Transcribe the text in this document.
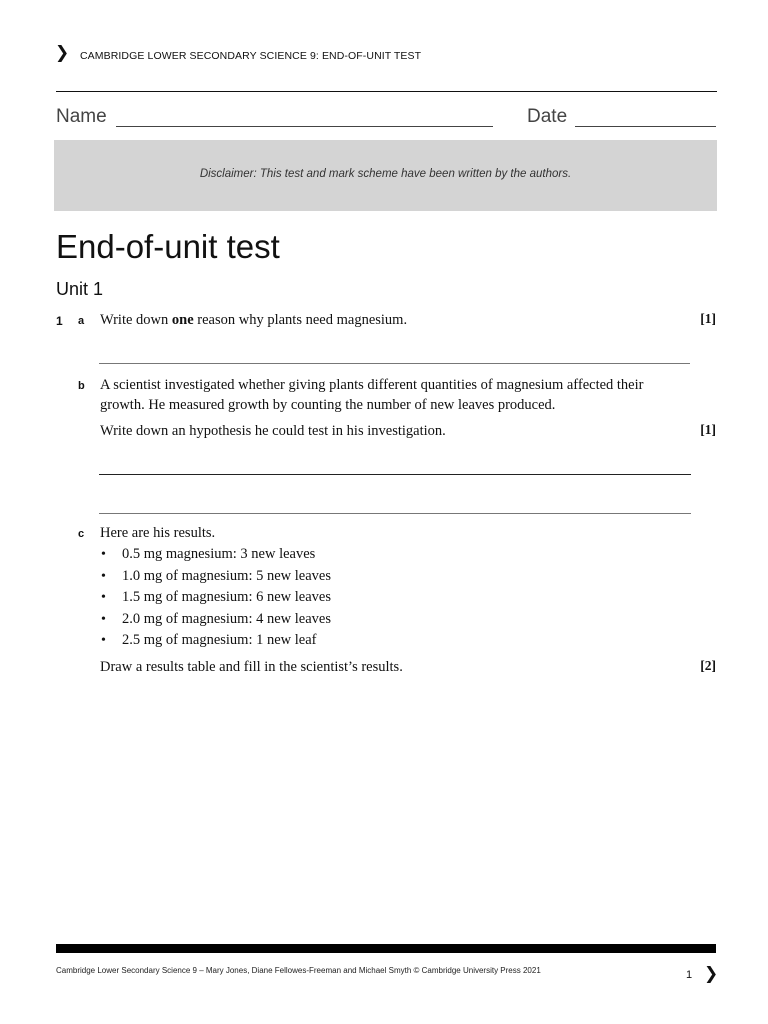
❯ CAMBRIDGE LOWER SECONDARY SCIENCE 9: END-OF-UNIT TEST
Name	Date
Disclaimer: This test and mark scheme have been written by the authors.
End-of-unit test
Unit 1
1 a Write down one reason why plants need magnesium.	[1]
b A scientist investigated whether giving plants different quantities of magnesium affected their growth. He measured growth by counting the number of new leaves produced.
Write down an hypothesis he could test in his investigation.	[1]
c Here are his results.
• 0.5 mg magnesium: 3 new leaves
• 1.0 mg of magnesium: 5 new leaves
• 1.5 mg of magnesium: 6 new leaves
• 2.0 mg of magnesium: 4 new leaves
• 2.5 mg of magnesium: 1 new leaf
Draw a results table and fill in the scientist’s results.	[2]
Cambridge Lower Secondary Science 9 – Mary Jones, Diane Fellowes-Freeman and Michael Smyth © Cambridge University Press 2021	1 ❯
